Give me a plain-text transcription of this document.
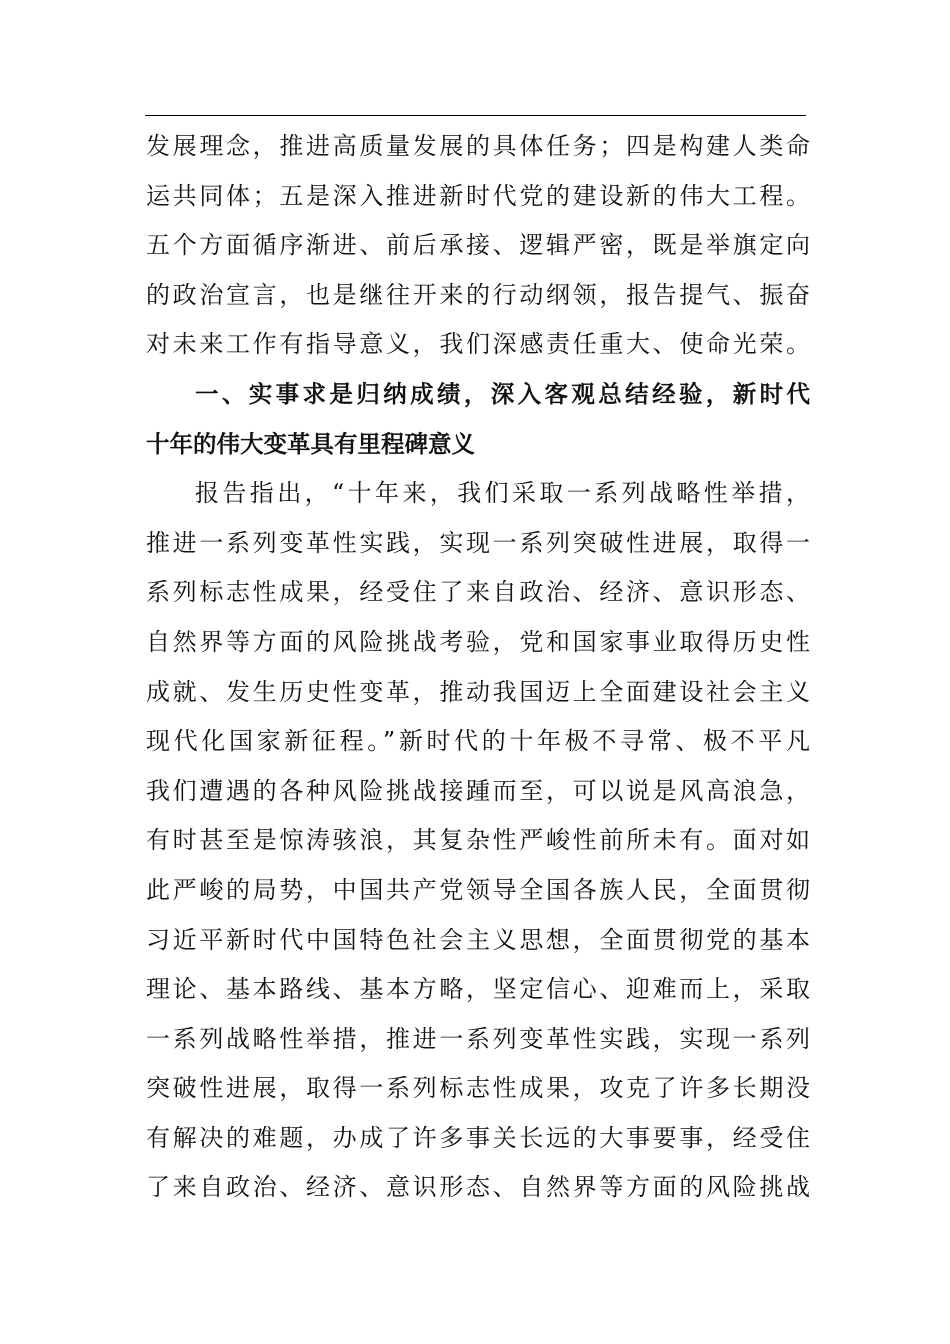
发展理念，推进高质量发展的具体任务；四是构建人类命
运共同体；五是深入推进新时代党的建设新的伟大工程。
五个方面循序渐进、前后承接、逻辑严密，既是举旗定向
的政治宣言，也是继往开来的行动纲领，报告提气、振奋
对未来工作有指导意义，我们深感责任重大、使命光荣。
一、实事求是归纳成绩，深入客观总结经验，新时代
十年的伟大变革具有里程碑意义
报告指出，“十年来，我们采取一系列战略性举措，
推进一系列变革性实践，实现一系列突破性进展，取得一
系列标志性成果，经受住了来自政治、经济、意识形态、
自然界等方面的风险挑战考验，党和国家事业取得历史性
成就、发生历史性变革，推动我国迈上全面建设社会主义
现代化国家新征程。”新时代的十年极不寻常、极不平凡
我们遭遇的各种风险挑战接踵而至，可以说是风高浪急，
有时甚至是惊涛骇浪，其复杂性严峻性前所未有。面对如
此严峻的局势，中国共产党领导全国各族人民，全面贯彻
习近平新时代中国特色社会主义思想，全面贯彻党的基本
理论、基本路线、基本方略，坚定信心、迎难而上，采取
一系列战略性举措，推进一系列变革性实践，实现一系列
突破性进展，取得一系列标志性成果，攻克了许多长期没
有解决的难题，办成了许多事关长远的大事要事，经受住
了来自政治、经济、意识形态、自然界等方面的风险挑战
